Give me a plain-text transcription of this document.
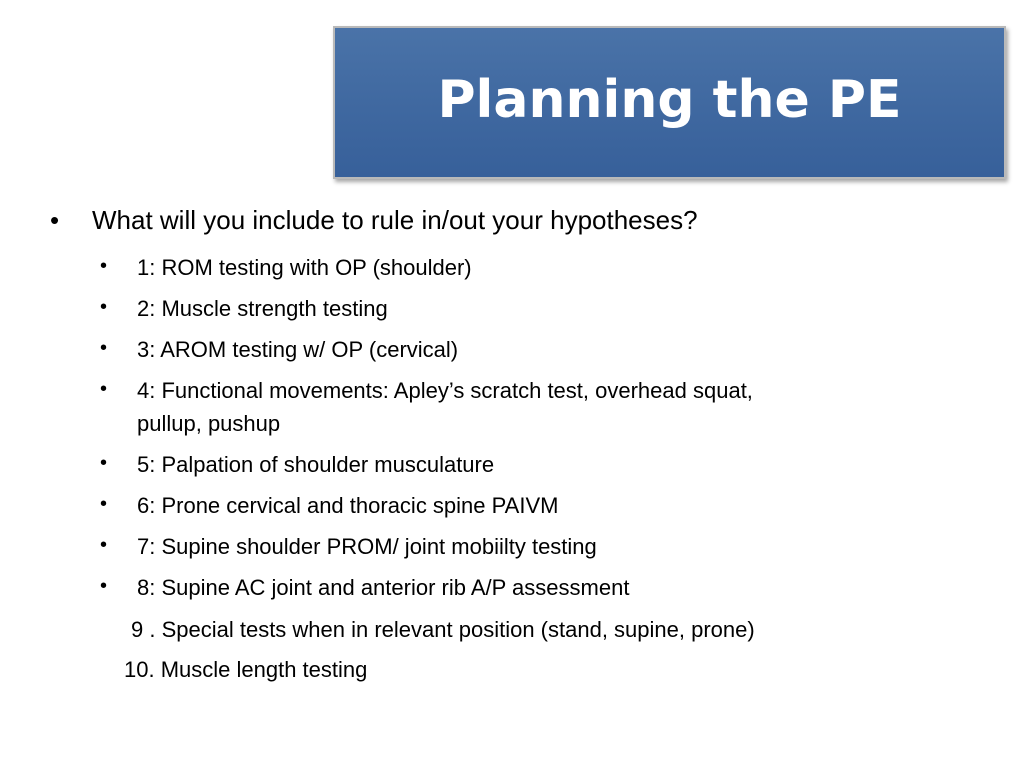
Planning the PE
• What will you include to rule in/out your hypotheses?
• 1: ROM testing with OP (shoulder)
• 2: Muscle strength testing
• 3: AROM testing w/ OP (cervical)
• 4: Functional movements: Apley’s scratch test, overhead squat,
pullup, pushup
• 5: Palpation of shoulder musculature
• 6: Prone cervical and thoracic spine PAIVM
• 7: Supine shoulder PROM/ joint mobiilty testing
• 8: Supine AC joint and anterior rib A/P assessment
9 . Special tests when in relevant position (stand, supine, prone)
10. Muscle length testing
